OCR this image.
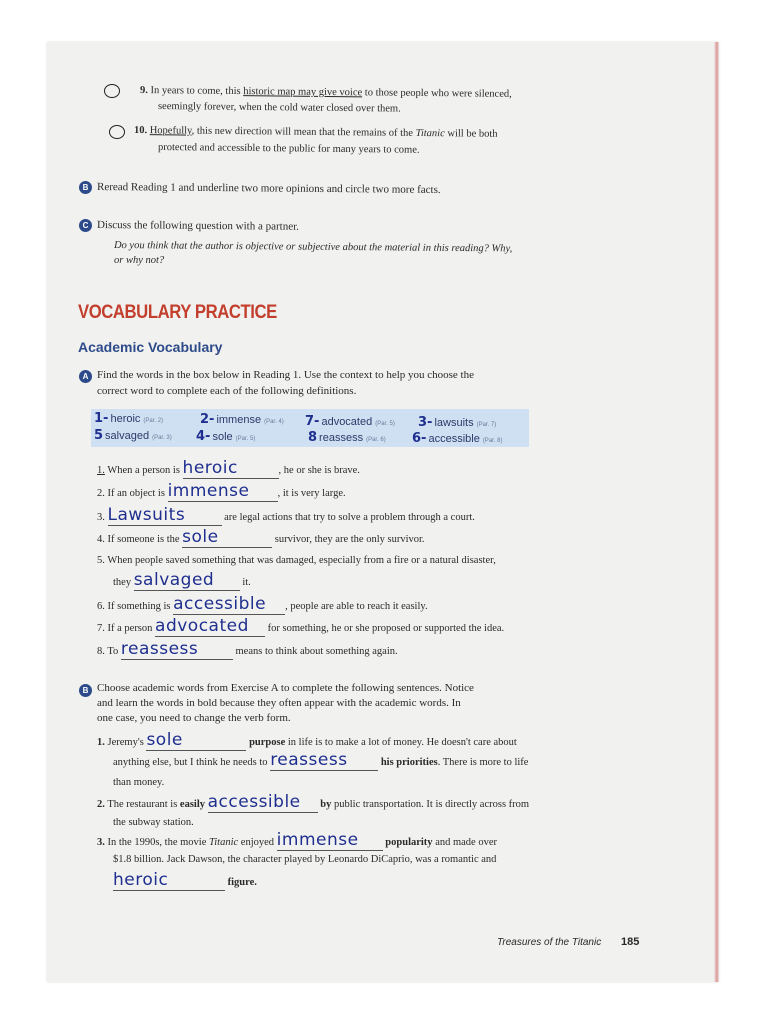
9. In years to come, this historic map may give voice to those people who were silenced,
seemingly forever, when the cold water closed over them.
10. Hopefully, this new direction will mean that the remains of the Titanic will be both
protected and accessible to the public for many years to come.
B Reread Reading 1 and underline two more opinions and circle two more facts.
C Discuss the following question with a partner.
Do you think that the author is objective or subjective about the material in this reading? Why,
or why not?
VOCABULARY PRACTICE
Academic Vocabulary
A Find the words in the box below in Reading 1. Use the context to help you choose the
correct word to complete each of the following definitions.
1- heroic (Par. 2)	2- immense (Par. 4) 7- advocated (Par. 5) 3- lawsuits (Par. 7)
5 salvaged (Par. 3) 4- sole (Par. 5)	8 reassess (Par. 6) 6- accessible (Par. 8)
1. When a person is heroic	, he or she is brave.
2. If an object is immense	, it is very large.
3. Lawsuits	are legal actions that try to solve a problem through a court.
4. If someone is the sole	survivor, they are the only survivor.
5. When people saved something that was damaged, especially from a fire or a natural disaster,
they salvaged	it.
6. If something is accessible , people are able to reach it easily.
7. If a person advocated for something, he or she proposed or supported the idea.
8. To reassess	means to think about something again.
B Choose academic words from Exercise A to complete the following sentences. Notice
and learn the words in bold because they often appear with the academic words. In
one case, you need to change the verb form.
1. Jeremy's sole	purpose in life is to make a lot of money. He doesn't care about
anything else, but I think he needs to reassess	his priorities. There is more to life
than money.
2. The restaurant is easily accessible by public transportation. It is directly across from
the subway station.
3. In the 1990s, the movie Titanic enjoyed immense	popularity and made over
$1.8 billion. Jack Dawson, the character played by Leonardo DiCaprio, was a romantic and
heroic	figure.
Treasures of the Titanic 185
